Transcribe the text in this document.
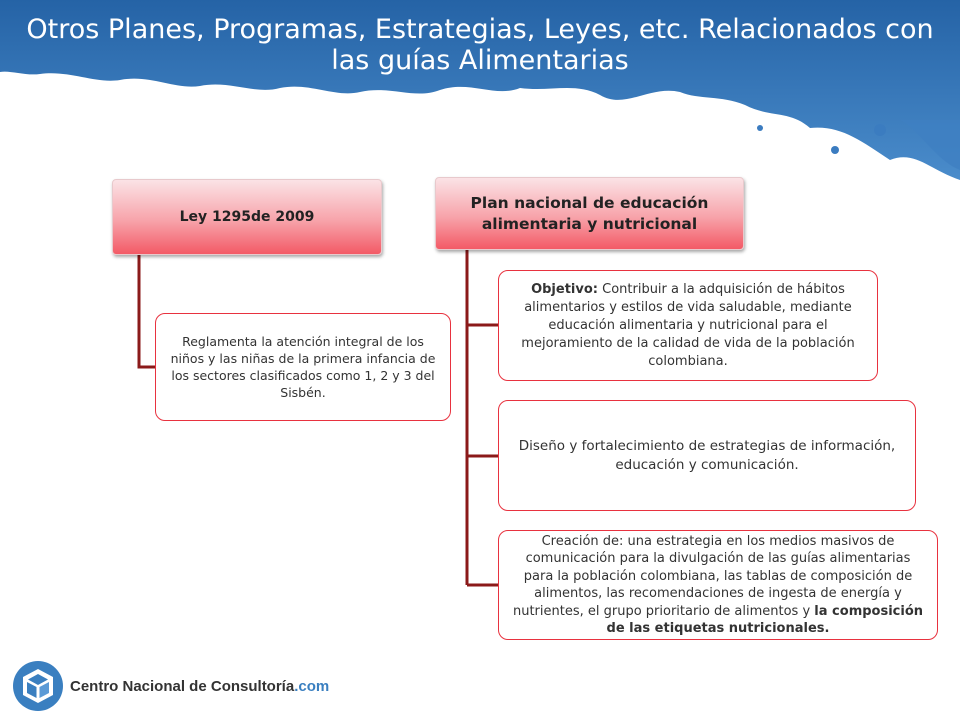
Otros Planes, Programas, Estrategias, Leyes, etc. Relacionados con las guías Alimentarias
Ley 1295de 2009
Reglamenta la atención integral de los niños y las niñas de la primera infancia de los sectores clasificados como 1, 2 y 3 del Sisbén.
Plan nacional de educación alimentaria y nutricional
Objetivo: Contribuir a la adquisición de hábitos alimentarios y estilos de vida saludable, mediante educación alimentaria y nutricional para el mejoramiento de la calidad de vida de la población colombiana.
Diseño y fortalecimiento de estrategias de información, educación y comunicación.
Creación de: una estrategia en los medios masivos de comunicación para la divulgación de las guías alimentarias para la población colombiana, las tablas de composición de alimentos, las recomendaciones de ingesta de energía y nutrientes, el grupo prioritario de alimentos y la composición de las etiquetas nutricionales.
Centro Nacional de Consultoría.com
